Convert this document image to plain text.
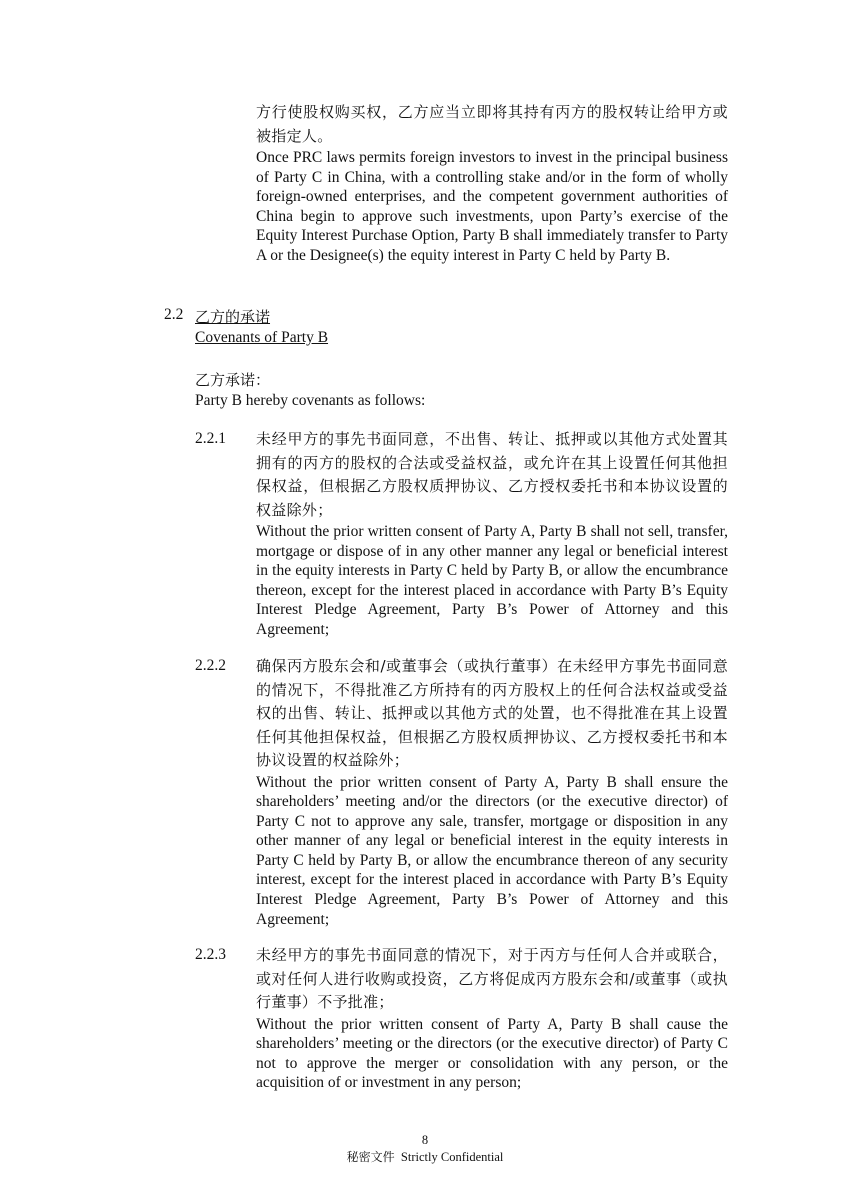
方行使股权购买权，乙方应当立即将其持有丙方的股权转让给甲方或被指定人。
Once PRC laws permits foreign investors to invest in the principal business of Party C in China, with a controlling stake and/or in the form of wholly foreign-owned enterprises, and the competent government authorities of China begin to approve such investments, upon Party’s exercise of the Equity Interest Purchase Option, Party B shall immediately transfer to Party A or the Designee(s) the equity interest in Party C held by Party B.
2.2 乙方的承诺
Covenants of Party B
乙方承诺：
Party B hereby covenants as follows:
2.2.1 未经甲方的事先书面同意，不出售、转让、抵押或以其他方式处置其拥有的丙方的股权的合法或受益权益，或允许在其上设置任何其他担保权益，但根据乙方股权质押协议、乙方授权委托书和本协议设置的权益除外；
Without the prior written consent of Party A, Party B shall not sell, transfer, mortgage or dispose of in any other manner any legal or beneficial interest in the equity interests in Party C held by Party B, or allow the encumbrance thereon, except for the interest placed in accordance with Party B’s Equity Interest Pledge Agreement, Party B’s Power of Attorney and this Agreement;
2.2.2 确保丙方股东会和/或董事会（或执行董事）在未经甲方事先书面同意的情况下，不得批准乙方所持有的丙方股权上的任何合法权益或受益权的出售、转让、抵押或以其他方式的处置，也不得批准在其上设置任何其他担保权益，但根据乙方股权质押协议、乙方授权委托书和本协议设置的权益除外；
Without the prior written consent of Party A, Party B shall ensure the shareholders’ meeting and/or the directors (or the executive director) of Party C not to approve any sale, transfer, mortgage or disposition in any other manner of any legal or beneficial interest in the equity interests in Party C held by Party B, or allow the encumbrance thereon of any security interest, except for the interest placed in accordance with Party B’s Equity Interest Pledge Agreement, Party B’s Power of Attorney and this Agreement;
2.2.3 未经甲方的事先书面同意的情况下，对于丙方与任何人合并或联合，或对任何人进行收购或投资，乙方将促成丙方股东会和/或董事（或执行董事）不予批准；
Without the prior written consent of Party A, Party B shall cause the shareholders’ meeting or the directors (or the executive director) of Party C not to approve the merger or consolidation with any person, or the acquisition of or investment in any person;
8
秘密文件 Strictly Confidential
